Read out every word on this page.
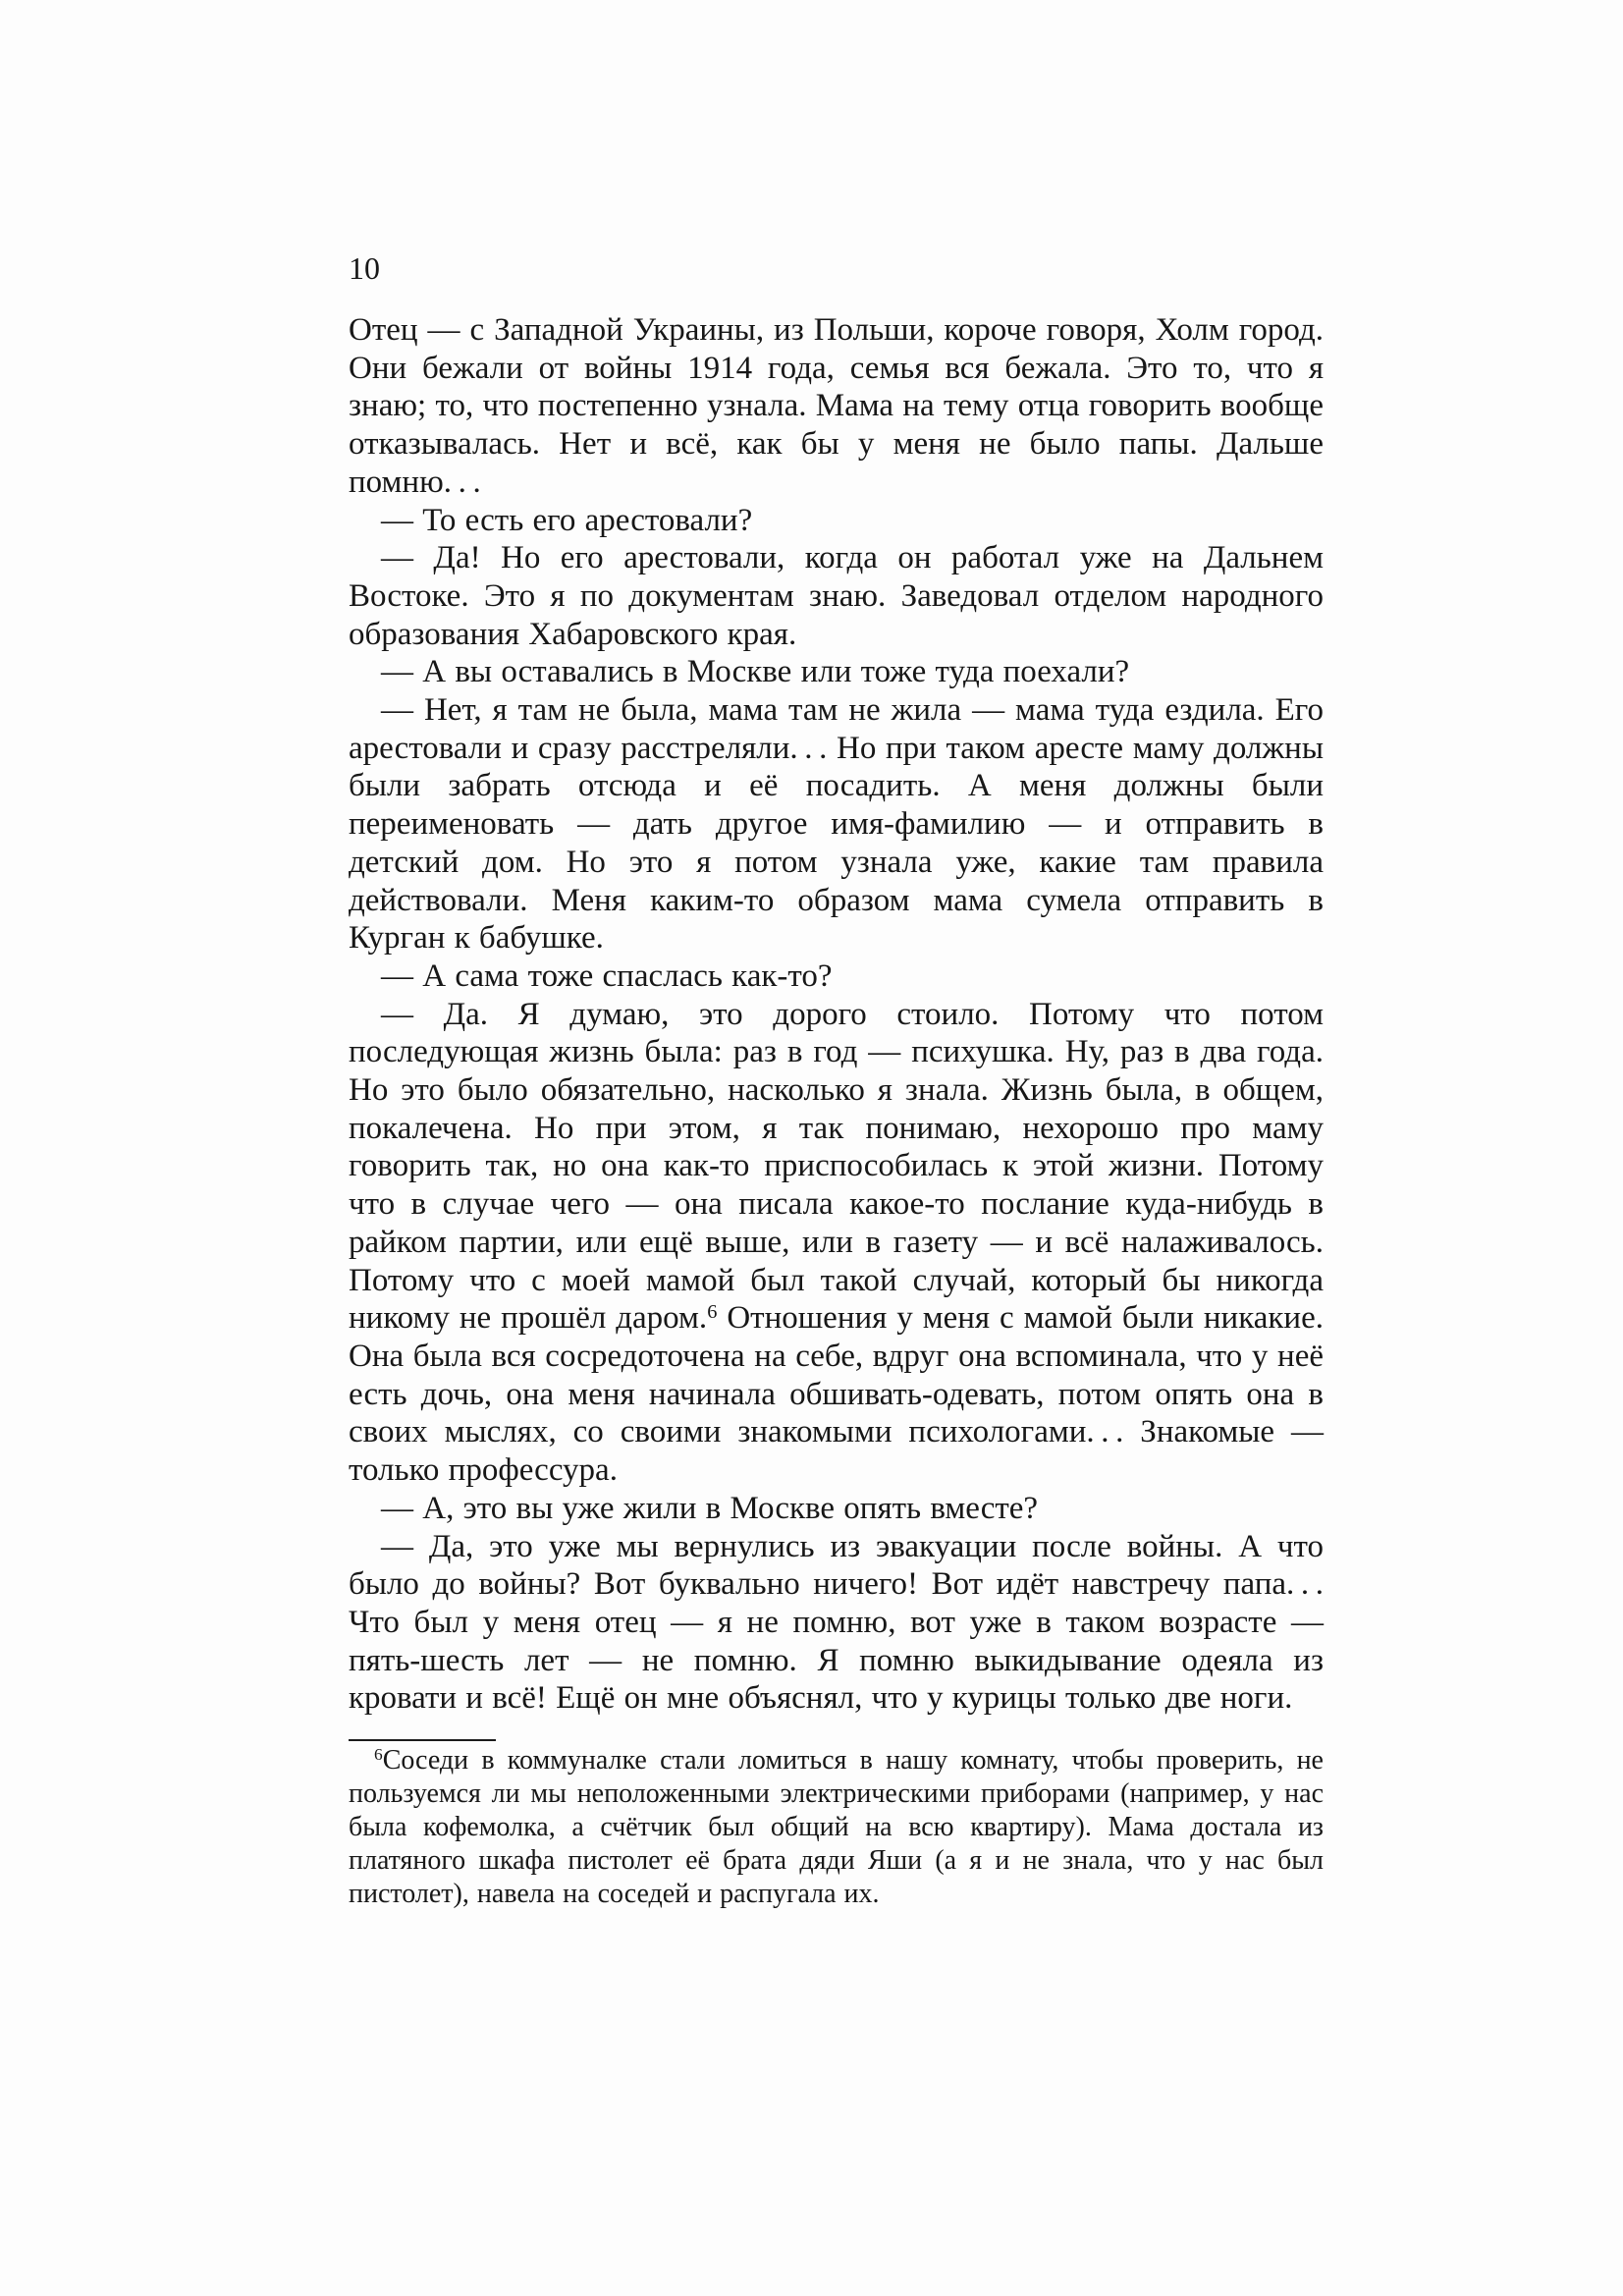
10

Отец — с Западной Украины, из Польши, короче говоря, Холм город. Они бежали от войны 1914 года, семья вся бежала. Это то, что я знаю; то, что постепенно узнала. Мама на тему отца говорить вообще отказывалась. Нет и всё, как бы у меня не было папы. Дальше помню. . .

— То есть его арестовали?

— Да! Но его арестовали, когда он работал уже на Дальнем Востоке. Это я по документам знаю. Заведовал отделом народного образования Хабаровского края.

— А вы оставались в Москве или тоже туда поехали?

— Нет, я там не была, мама там не жила — мама туда ездила. Его арестовали и сразу расстреляли. . . Но при таком аресте маму должны были забрать отсюда и её посадить. А меня должны были переименовать — дать другое имя-фамилию — и отправить в детский дом. Но это я потом узнала уже, какие там правила действовали. Меня каким-то образом мама сумела отправить в Курган к бабушке.

— А сама тоже спаслась как-то?

— Да. Я думаю, это дорого стоило. Потому что потом последующая жизнь была: раз в год — психушка. Ну, раз в два года. Но это было обязательно, насколько я знала. Жизнь была, в общем, покалечена. Но при этом, я так понимаю, нехорошо про маму говорить так, но она как-то приспособилась к этой жизни. Потому что в случае чего — она писала какое-то послание куда-нибудь в райком партии, или ещё выше, или в газету — и всё налаживалось. Потому что с моей мамой был такой случай, который бы никогда никому не прошёл даром.$^6$ Отношения у меня с мамой были никакие. Она была вся сосредоточена на себе, вдруг она вспоминала, что у неё есть дочь, она меня начинала обшивать-одевать, потом опять она в своих мыслях, со своими знакомыми психологами. . . Знакомые — только профессура.

— А, это вы уже жили в Москве опять вместе?

— Да, это уже мы вернулись из эвакуации после войны. А что было до войны? Вот буквально ничего! Вот идёт навстречу папа. . . Что был у меня отец — я не помню, вот уже в таком возрасте — пять-шесть лет — не помню. Я помню выкидывание одеяла из кровати и всё! Ещё он мне объяснял, что у курицы только две ноги.

$^6$Соседи в коммуналке стали ломиться в нашу комнату, чтобы проверить, не пользуемся ли мы неположенными электрическими приборами (например, у нас была кофемолка, а счётчик был общий на всю квартиру). Мама достала из платяного шкафа пистолет её брата дяди Яши (а я и не знала, что у нас был пистолет), навела на соседей и распугала их.
